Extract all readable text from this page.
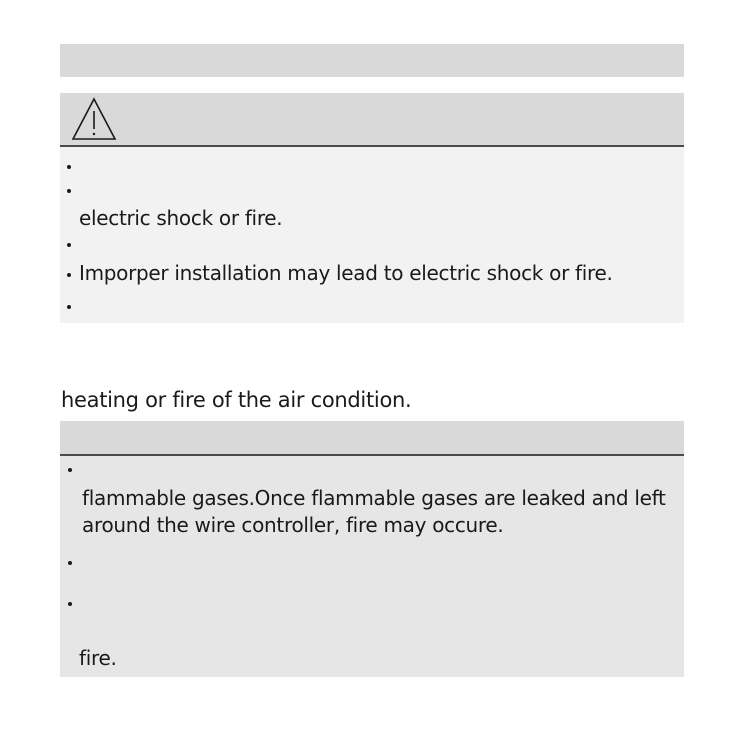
electric shock or fire.
Imporper installation may lead to electric shock or fire.
heating or fire of the air condition.
flammable gases.Once flammable gases are leaked and left
around the wire controller, fire may occure.
fire.
